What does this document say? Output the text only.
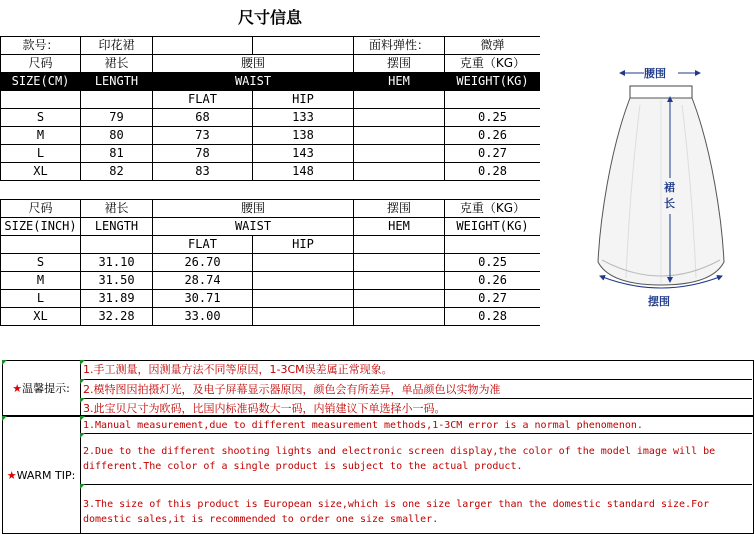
尺寸信息
款号：	印花裙			面料弹性：	微弹
尺码	裙长	腰围		摆围	克重（KG）
SIZE(CM)	LENGTH	WAIST		HEM	WEIGHT(KG)
		FLAT	HIP		
S	79	68	133		0.25
M	80	73	138		0.26
L	81	78	143		0.27
XL	82	83	148		0.28
尺码	裙长	腰围		摆围	克重（KG）
SIZE(INCH)	LENGTH	WAIST		HEM	WEIGHT(KG)
		FLAT	HIP		
S	31.10	26.70			0.25
M	31.50	28.74			0.26
L	31.89	30.71			0.27
XL	32.28	33.00			0.28
腰围
裙长
摆围
★ 温馨提示:
1.手工测量，因测量方法不同等原因，1-3CM误差属正常现象。
2.模特图因拍摄灯光，及电子屏幕显示器原因，颜色会有所差异，单品颜色以实物为准
3.此宝贝尺寸为欧码，比国内标准码数大一码，内销建议下单选择小一码。
★ WARM TIP:
1.Manual measurement,due to different measurement methods,1-3CM error is a normal phenomenon.
2.Due to the different shooting lights and electronic screen display,the color of the model image will be different.The color of a single product is subject to the actual product.
3.The size of this product is European size,which is one size larger than the domestic standard size.For domestic sales,it is recommended to order one size smaller.
